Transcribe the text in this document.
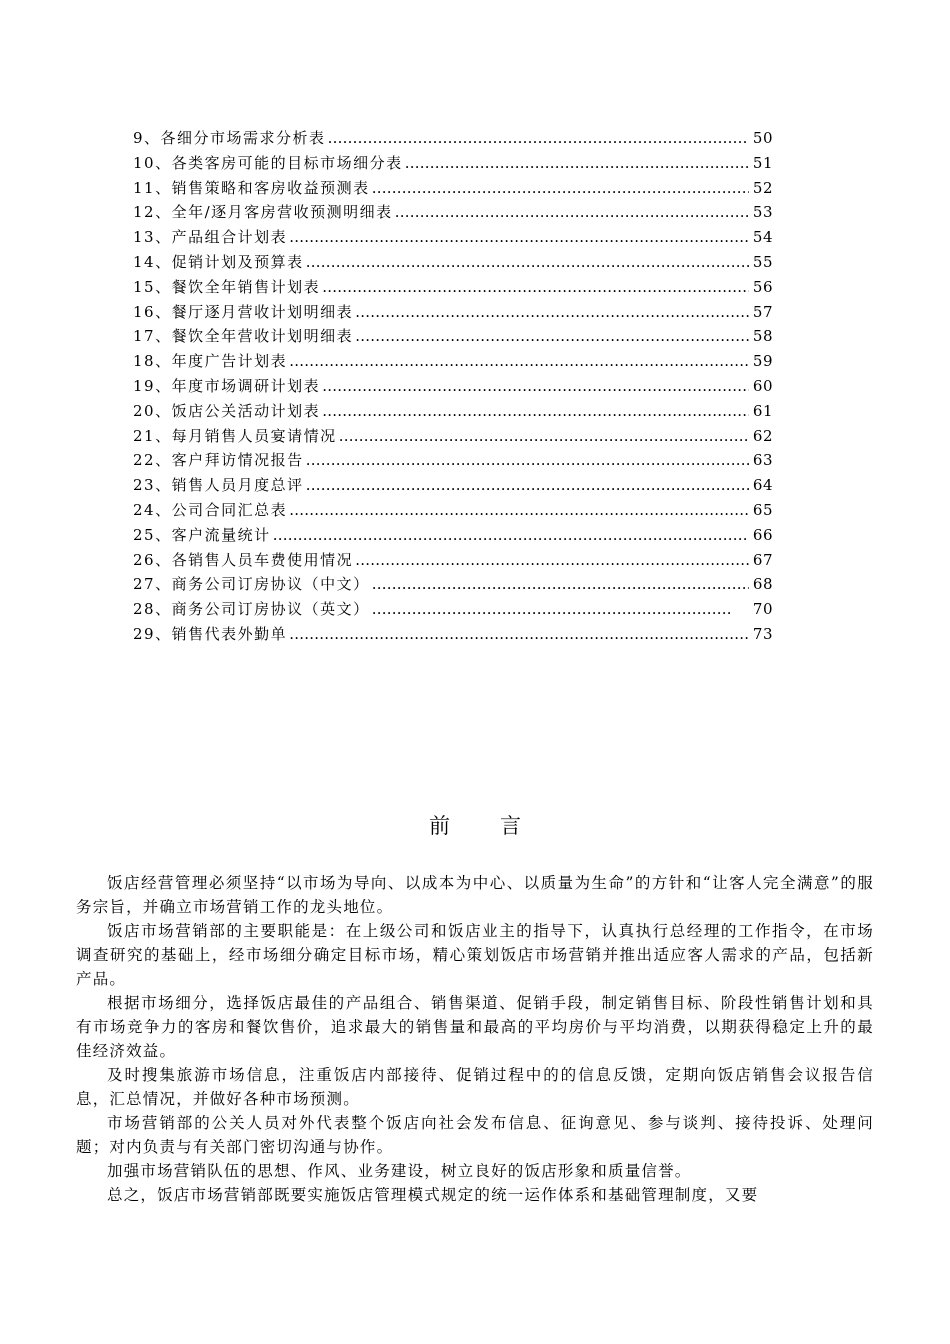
9、各细分市场需求分析表 …………………………………………………………………………………………………………………………………	50
10、各类客房可能的目标市场细分表 …………………………………………………………………………………………………………………………………	51
11、销售策略和客房收益预测表 …………………………………………………………………………………………………………………………………	52
12、全年/逐月客房营收预测明细表 …………………………………………………………………………………………………………………………………	53
13、产品组合计划表 …………………………………………………………………………………………………………………………………	54
14、促销计划及预算表 …………………………………………………………………………………………………………………………………	55
15、餐饮全年销售计划表 …………………………………………………………………………………………………………………………………	56
16、餐厅逐月营收计划明细表 …………………………………………………………………………………………………………………………………	57
17、餐饮全年营收计划明细表 …………………………………………………………………………………………………………………………………	58
18、年度广告计划表 …………………………………………………………………………………………………………………………………	59
19、年度市场调研计划表 …………………………………………………………………………………………………………………………………	60
20、饭店公关活动计划表 …………………………………………………………………………………………………………………………………	61
21、每月销售人员宴请情况 …………………………………………………………………………………………………………………………………	62
22、客户拜访情况报告 …………………………………………………………………………………………………………………………………	63
23、销售人员月度总评 …………………………………………………………………………………………………………………………………	64
24、公司合同汇总表 …………………………………………………………………………………………………………………………………	65
25、客户流量统计 …………………………………………………………………………………………………………………………………	66
26、各销售人员车费使用情况 …………………………………………………………………………………………………………………………………	67
27、商务公司订房协议（中文） …………………………………………………………………………………………………………………………………	68
28、商务公司订房协议（英文） …………………………………………………………………………………………………………………………………	70
29、销售代表外勤单 …………………………………………………………………………………………………………………………………	73
前言

饭店经营管理必须坚持“以市场为导向、以成本为中心、以质量为生命”的方针和“让客人完全满意”的服务宗旨，并确立市场营销工作的龙头地位。

饭店市场营销部的主要职能是：在上级公司和饭店业主的指导下，认真执行总经理的工作指令，在市场调查研究的基础上，经市场细分确定目标市场，精心策划饭店市场营销并推出适应客人需求的产品，包括新产品。

根据市场细分，选择饭店最佳的产品组合、销售渠道、促销手段，制定销售目标、阶段性销售计划和具有市场竞争力的客房和餐饮售价，追求最大的销售量和最高的平均房价与平均消费，以期获得稳定上升的最佳经济效益。

及时搜集旅游市场信息，注重饭店内部接待、促销过程中的的信息反馈，定期向饭店销售会议报告信息，汇总情况，并做好各种市场预测。

市场营销部的公关人员对外代表整个饭店向社会发布信息、征询意见、参与谈判、接待投诉、处理问题；对内负责与有关部门密切沟通与协作。

加强市场营销队伍的思想、作风、业务建设，树立良好的饭店形象和质量信誉。

总之，饭店市场营销部既要实施饭店管理模式规定的统一运作体系和基础管理制度，又要
